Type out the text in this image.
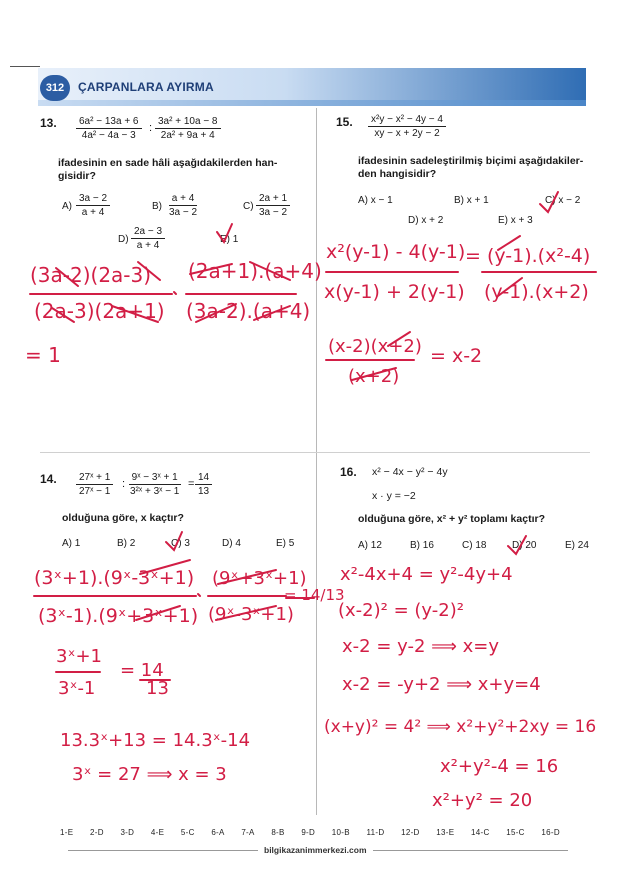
312	ÇARPANLARA AYIRMA
13. $\frac{\text{6a² − 13a + 6}}{\text{4a² − 4a − 3}}$ : $\frac{\text{3a² + 10a − 8}}{\text{2a² + 9a + 4}}$
ifadesinin en sade hâli aşağıdakilerden han-
gisidir?
$A) \frac{3a - 2}{a + 4}$	$B) \frac{a + 4}{3a - 2}$	$C) \frac{2a + 1}{3a - 2}$
$D) \frac{2a - 3}{a + 4}$	E) 1
15. $\frac{\text{x²y − x² − 4y − 4}}{xy - x + 2y - 2}$
ifadesinin sadeleştirilmiş biçimi aşağıdakiler-
den hangisidir?
A) x − 1	B) x + 1	C) x − 2
D) x + 2	E) x + 3
14. $\frac{\text{27ˣ + 1}}{\text{27ˣ − 1}}$ : $\frac{\text{9ˣ − 3ˣ + 1}}{\text{3²ˣ + 3ˣ − 1}} = \frac{14}{13}$
olduğuna göre, x kaçtır?
A) 1	B) 2	C) 3	D) 4	E) 5
16. x² − 4x − y² − 4y
x · y = −2
olduğuna göre, x² + y² toplamı kaçtır?
A) 12	B) 16	C) 18	D) 20	E) 24
(3a-2)(2a-3)
(2a-3)(2a+1)
(2a+1).(a+4)
(3a-2).(a+4)
= 1
x²(y-1) - 4(y-1)
x(y-1) + 2(y-1)
= (y-1).(x²-4)
(y-1).(x+2)
(x-2)(x+2)
(x+2)
= x-2
(3ˣ+1).(9ˣ-3ˣ+1)
(3ˣ-1).(9ˣ+3ˣ+1)
(9ˣ+3ˣ+1)
(9ˣ-3ˣ+1)
= 14/13
3ˣ+1
3ˣ-1
= 14
13
13.3ˣ+13 = 14.3ˣ-14
3ˣ = 27 ⟹ x = 3
x²-4x+4 = y²-4y+4
(x-2)² = (y-2)²
x-2 = y-2 ⟹ x=y
x-2 = -y+2 ⟹ x+y=4
(x+y)² = 4² ⟹ x²+y²+2xy = 16
x²+y²-4 = 16
x²+y² = 20
1-E 2-D 3-D 4-E 5-C 6-A 7-A 8-B 9-D 10-B 11-D 12-D 13-E 14-C 15-C 16-D
bilgikazanimmerkezi.com
